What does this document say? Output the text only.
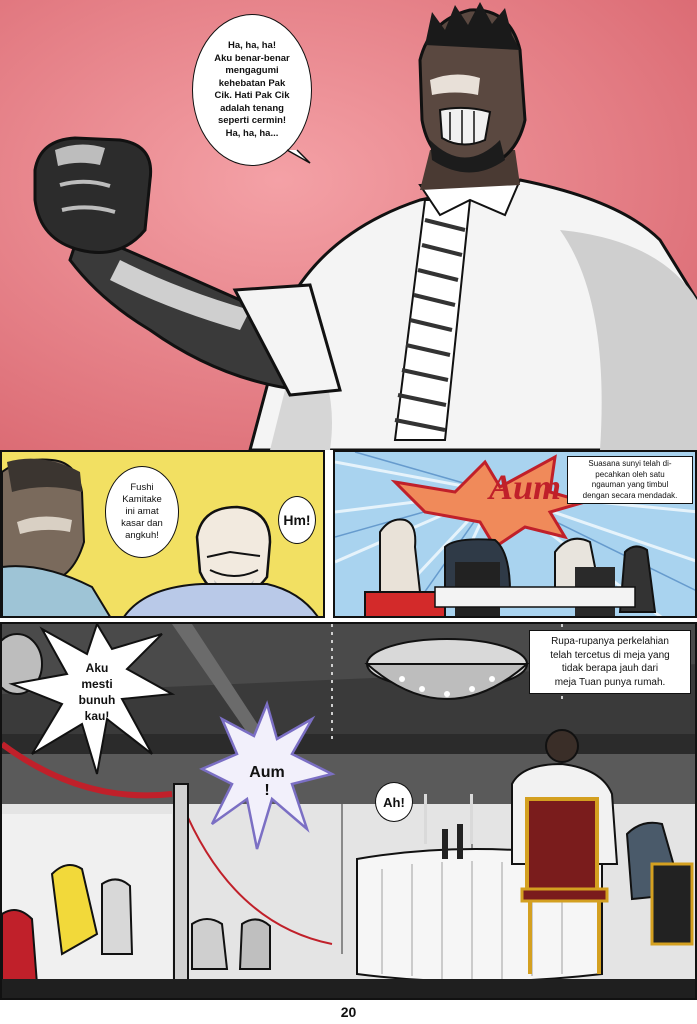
Ha, ha, ha!
Aku benar-benar
mengagumi
kehebatan Pak
Cik. Hati Pak Cik
adalah tenang
seperti cermin!
Ha, ha, ha...
Fushi
Kamitake
ini amat
kasar dan
angkuh!
Hm!
Aum
Suasana sunyi telah di-
pecahkan oleh satu
ngauman yang timbul
dengan secara mendadak.
Aku
mesti
bunuh
kau!
Aum
!
Ah!
Rupa-rupanya perkelahian
telah tercetus di meja yang
tidak berapa jauh dari
meja Tuan punya rumah.
20
